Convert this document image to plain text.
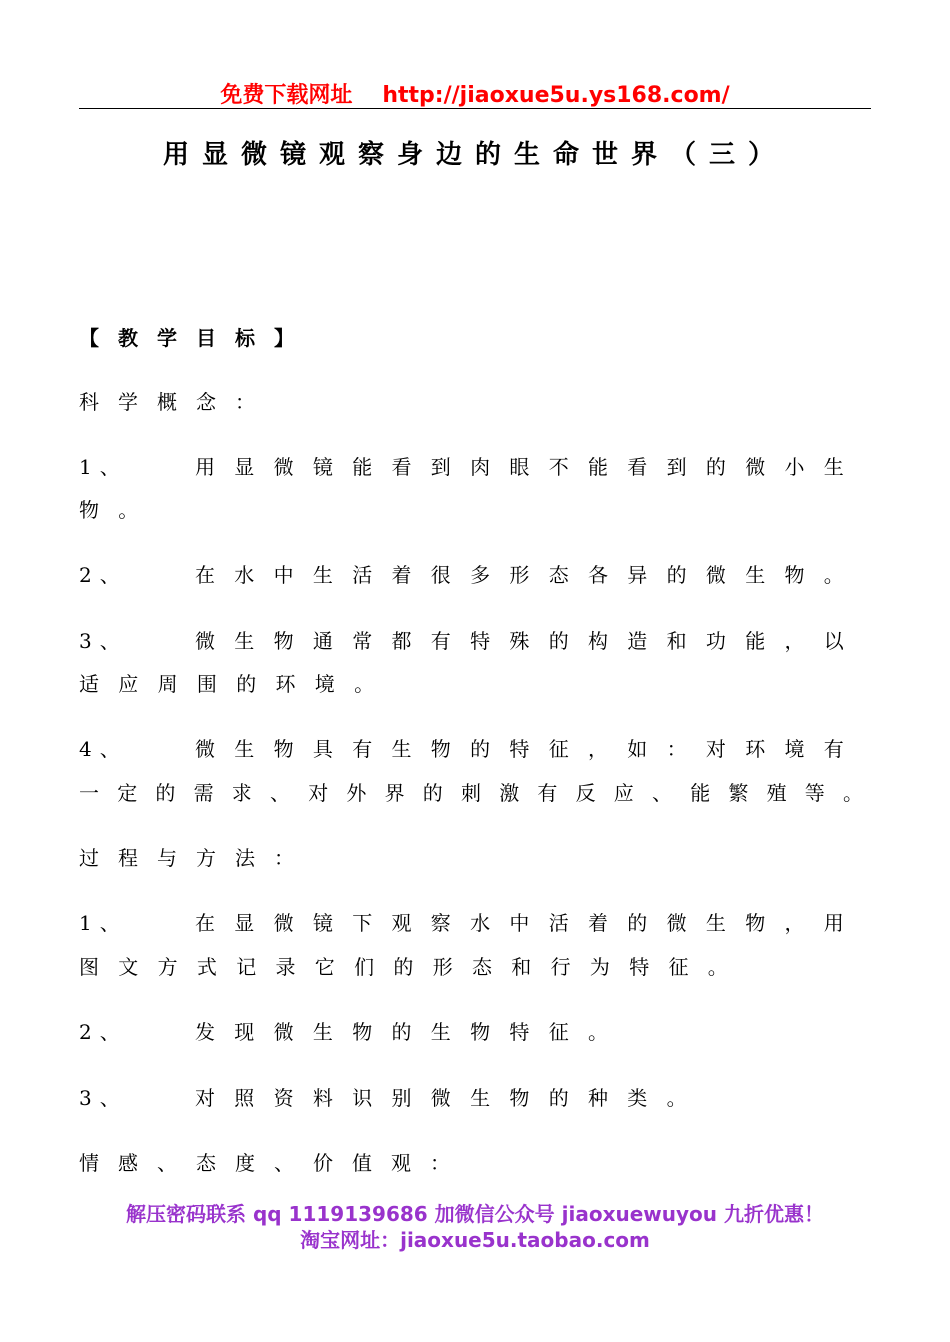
免费下载网址 http://jiaoxue5u.ys168.com/
用显微镜观察身边的生命世界（三）
【教学目标】
科学概念：
1、	用显微镜能看到肉眼不能看到的微小生
物。
2、	在水中生活着很多形态各异的微生物。
3、	微生物通常都有特殊的构造和功能，以
适应周围的环境。
4、	微生物具有生物的特征，如：对环境有
一定的需求、对外界的刺激有反应、能繁殖等。
过程与方法：
1、	在显微镜下观察水中活着的微生物，用
图文方式记录它们的形态和行为特征。
2、	发现微生物的生物特征。
3、	对照资料识别微生物的种类。
情感、态度、价值观：
解压密码联系 qq 1119139686 加微信公众号 jiaoxuewuyou 九折优惠！
淘宝网址：jiaoxue5u.taobao.com
